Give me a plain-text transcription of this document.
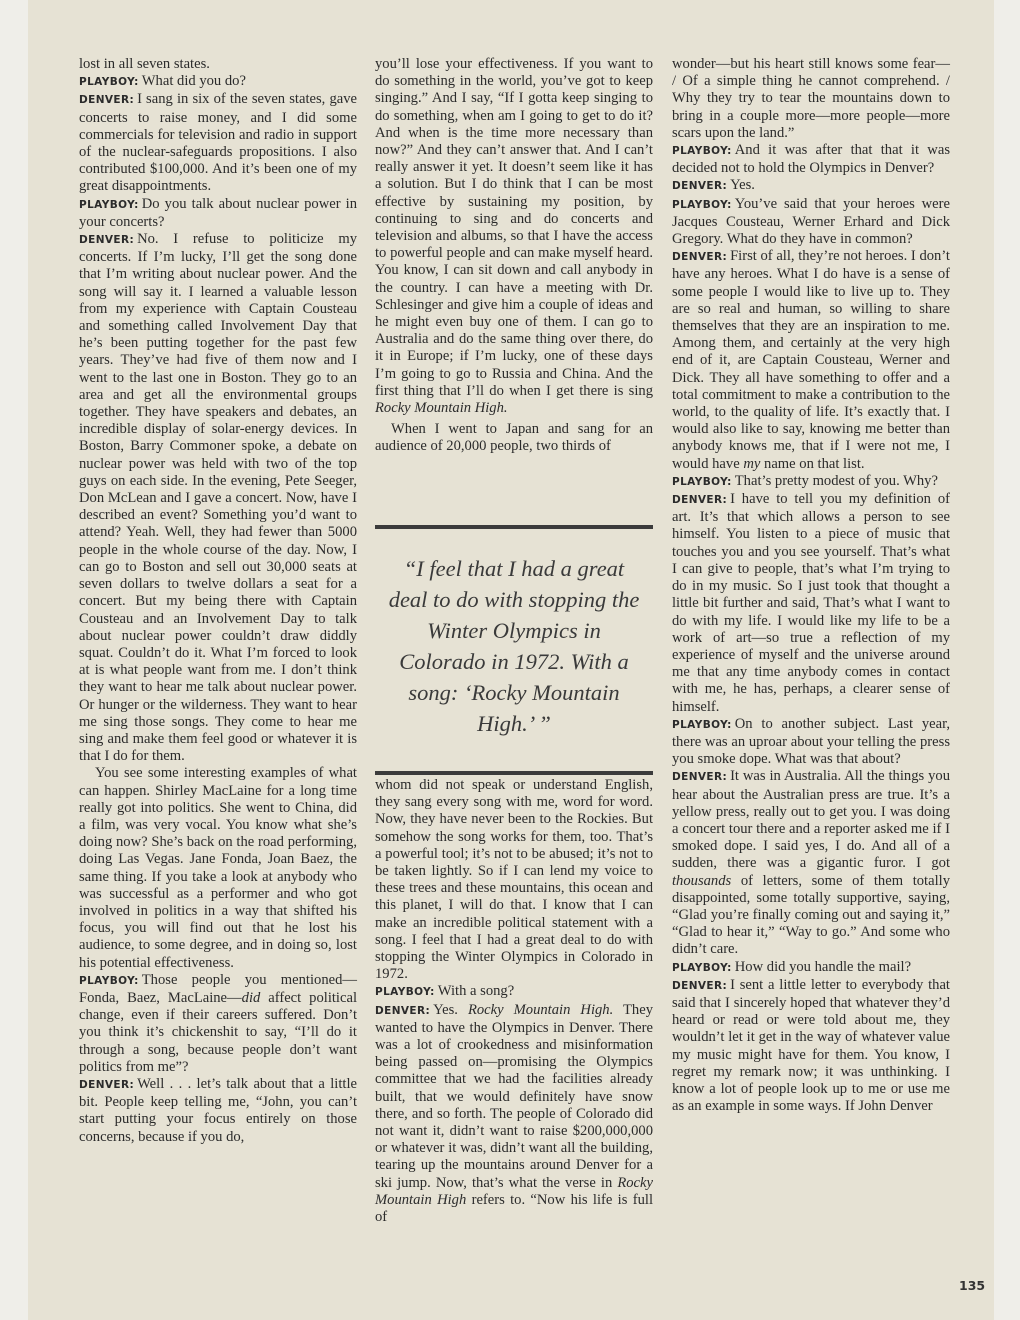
lost in all seven states.

PLAYBOY: What did you do?

DENVER: I sang in six of the seven states, gave concerts to raise money, and I did some commercials for television and radio in support of the nuclear-safeguards propositions. I also contributed $100,000. And it’s been one of my great disappointments.

PLAYBOY: Do you talk about nuclear power in your concerts?

DENVER: No. I refuse to politicize my concerts. If I’m lucky, I’ll get the song done that I’m writing about nuclear power. And the song will say it. I learned a valuable lesson from my experience with Captain Cousteau and something called Involvement Day that he’s been putting together for the past few years. They’ve had five of them now and I went to the last one in Boston. They go to an area and get all the environmental groups together. They have speakers and debates, an incredible display of solar-energy devices. In Boston, Barry Commoner spoke, a debate on nuclear power was held with two of the top guys on each side. In the evening, Pete Seeger, Don McLean and I gave a concert. Now, have I described an event? Something you’d want to attend? Yeah. Well, they had fewer than 5000 people in the whole course of the day. Now, I can go to Boston and sell out 30,000 seats at seven dollars to twelve dollars a seat for a concert. But my being there with Captain Cousteau and an Involvement Day to talk about nuclear power couldn’t draw diddly squat. Couldn’t do it. What I’m forced to look at is what people want from me. I don’t think they want to hear me talk about nuclear power. Or hunger or the wilderness. They want to hear me sing those songs. They come to hear me sing and make them feel good or whatever it is that I do for them.

You see some interesting examples of what can happen. Shirley MacLaine for a long time really got into politics. She went to China, did a film, was very vocal. You know what she’s doing now? She’s back on the road performing, doing Las Vegas. Jane Fonda, Joan Baez, the same thing. If you take a look at anybody who was successful as a performer and who got involved in politics in a way that shifted his focus, you will find out that he lost his audience, to some degree, and in doing so, lost his potential effectiveness.

PLAYBOY: Those people you mentioned—Fonda, Baez, MacLaine—did affect political change, even if their careers suffered. Don’t you think it’s chickenshit to say, “I’ll do it through a song, because people don’t want politics from me”?

DENVER: Well . . . let’s talk about that a little bit. People keep telling me, “John, you can’t start putting your focus entirely on those concerns, because if you do,

you’ll lose your effectiveness. If you want to do something in the world, you’ve got to keep singing.” And I say, “If I gotta keep singing to do something, when am I going to get to do it? And when is the time more necessary than now?” And they can’t answer that. And I can’t really answer it yet. It doesn’t seem like it has a solution. But I do think that I can be most effective by sustaining my position, by continuing to sing and do concerts and television and albums, so that I have the access to powerful people and can make myself heard. You know, I can sit down and call anybody in the country. I can have a meeting with Dr. Schlesinger and give him a couple of ideas and he might even buy one of them. I can go to Australia and do the same thing over there, do it in Europe; if I’m lucky, one of these days I’m going to go to Russia and China. And the first thing that I’ll do when I get there is sing Rocky Mountain High.

When I went to Japan and sang for an audience of 20,000 people, two thirds of

“I feel that I had a great deal to do with stopping the Winter Olympics in Colorado in 1972. With a song: ‘Rocky Mountain High.’ ”

whom did not speak or understand English, they sang every song with me, word for word. Now, they have never been to the Rockies. But somehow the song works for them, too. That’s a powerful tool; it’s not to be abused; it’s not to be taken lightly. So if I can lend my voice to these trees and these mountains, this ocean and this planet, I will do that. I know that I can make an incredible political statement with a song. I feel that I had a great deal to do with stopping the Winter Olympics in Colorado in 1972.

PLAYBOY: With a song?

DENVER: Yes. Rocky Mountain High. They wanted to have the Olympics in Denver. There was a lot of crookedness and misinformation being passed on—promising the Olympics committee that we had the facilities already built, that we would definitely have snow there, and so forth. The people of Colorado did not want it, didn’t want to raise $200,000,000 or whatever it was, didn’t want all the building, tearing up the mountains around Denver for a ski jump. Now, that’s what the verse in Rocky Mountain High refers to. “Now his life is full of

wonder—but his heart still knows some fear— / Of a simple thing he cannot comprehend. / Why they try to tear the mountains down to bring in a couple more—more people—more scars upon the land.”

PLAYBOY: And it was after that that it was decided not to hold the Olympics in Denver?

DENVER: Yes.

PLAYBOY: You’ve said that your heroes were Jacques Cousteau, Werner Erhard and Dick Gregory. What do they have in common?

DENVER: First of all, they’re not heroes. I don’t have any heroes. What I do have is a sense of some people I would like to live up to. They are so real and human, so willing to share themselves that they are an inspiration to me. Among them, and certainly at the very high end of it, are Captain Cousteau, Werner and Dick. They all have something to offer and a total commitment to make a contribution to the world, to the quality of life. It’s exactly that. I would also like to say, knowing me better than anybody knows me, that if I were not me, I would have my name on that list.

PLAYBOY: That’s pretty modest of you. Why?

DENVER: I have to tell you my definition of art. It’s that which allows a person to see himself. You listen to a piece of music that touches you and you see yourself. That’s what I can give to people, that’s what I’m trying to do in my music. So I just took that thought a little bit further and said, That’s what I want to do with my life. I would like my life to be a work of art—so true a reflection of my experience of myself and the universe around me that any time anybody comes in contact with me, he has, perhaps, a clearer sense of himself.

PLAYBOY: On to another subject. Last year, there was an uproar about your telling the press you smoke dope. What was that about?

DENVER: It was in Australia. All the things you hear about the Australian press are true. It’s a yellow press, really out to get you. I was doing a concert tour there and a reporter asked me if I smoked dope. I said yes, I do. And all of a sudden, there was a gigantic furor. I got thousands of letters, some of them totally disappointed, some totally supportive, saying, “Glad you’re finally coming out and saying it,” “Glad to hear it,” “Way to go.” And some who didn’t care.

PLAYBOY: How did you handle the mail?

DENVER: I sent a little letter to everybody that said that I sincerely hoped that whatever they’d heard or read or were told about me, they wouldn’t let it get in the way of whatever value my music might have for them. You know, I regret my remark now; it was unthinking. I know a lot of people look up to me or use me as an example in some ways. If John Denver

135
